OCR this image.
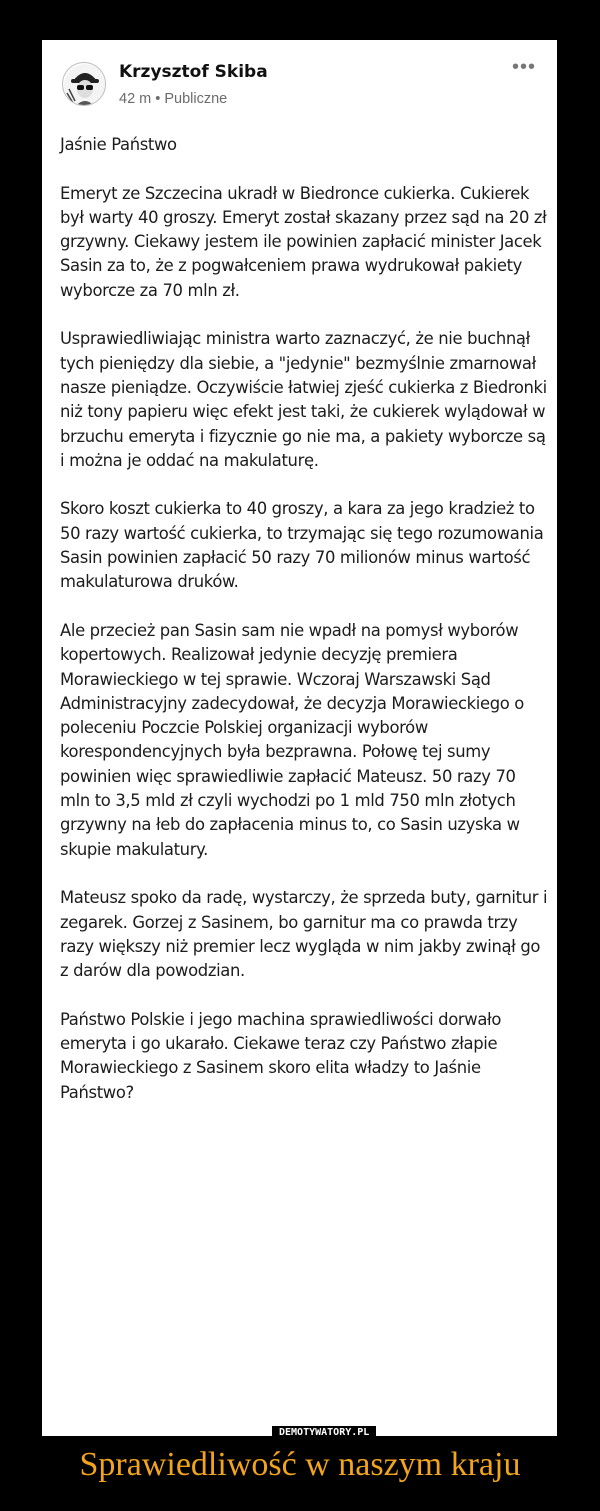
Krzysztof Skiba
42 m • Publiczne
•••

Jaśnie Państwo

Emeryt ze Szczecina ukradł w Biedronce cukierka. Cukierek był warty 40 groszy. Emeryt został skazany przez sąd na 20 zł grzywny. Ciekawy jestem ile powinien zapłacić minister Jacek Sasin za to, że z pogwałceniem prawa wydrukował pakiety wyborcze za 70 mln zł.

Usprawiedliwiając ministra warto zaznaczyć, że nie buchnął tych pieniędzy dla siebie, a "jedynie" bezmyślnie zmarnował nasze pieniądze. Oczywiście łatwiej zjeść cukierka z Biedronki niż tony papieru więc efekt jest taki, że cukierek wylądował w brzuchu emeryta i fizycznie go nie ma, a pakiety wyborcze są i można je oddać na makulaturę.

Skoro koszt cukierka to 40 groszy, a kara za jego kradzież to 50 razy wartość cukierka, to trzymając się tego rozumowania Sasin powinien zapłacić 50 razy 70 milionów minus wartość makulaturowa druków.

Ale przecież pan Sasin sam nie wpadł na pomysł wyborów kopertowych. Realizował jedynie decyzję premiera Morawieckiego w tej sprawie. Wczoraj Warszawski Sąd Administracyjny zadecydował, że decyzja Morawieckiego o poleceniu Poczcie Polskiej organizacji wyborów korespondencyjnych była bezprawna. Połowę tej sumy powinien więc sprawiedliwie zapłacić Mateusz. 50 razy 70 mln to 3,5 mld zł czyli wychodzi po 1 mld 750 mln złotych grzywny na łeb do zapłacenia minus to, co Sasin uzyska w skupie makulatury.

Mateusz spoko da radę, wystarczy, że sprzeda buty, garnitur i zegarek. Gorzej z Sasinem, bo garnitur ma co prawda trzy razy większy niż premier lecz wygląda w nim jakby zwinął go z darów dla powodzian.

Państwo Polskie i jego machina sprawiedliwości dorwało emeryta i go ukarało. Ciekawe teraz czy Państwo złapie Morawieckiego z Sasinem skoro elita władzy to Jaśnie Państwo?

DEMOTYWATORY.PL
Sprawiedliwość w naszym kraju
